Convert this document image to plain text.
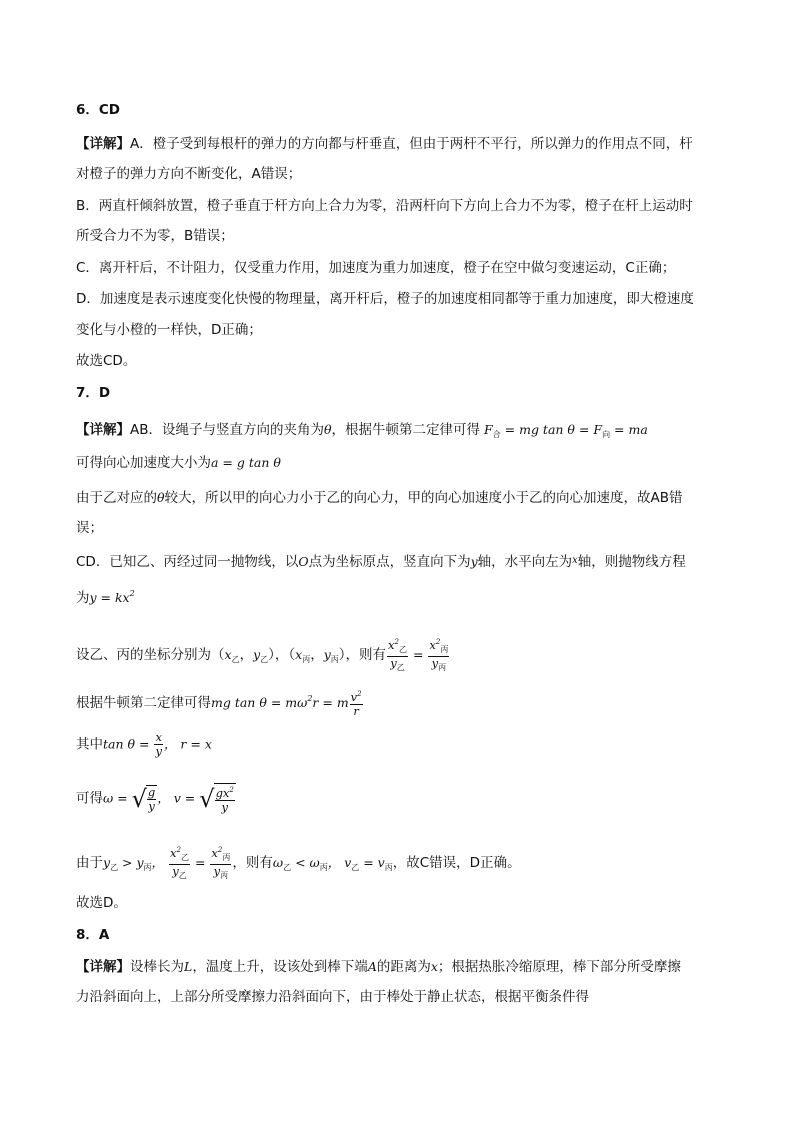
6．CD
【详解】A．橙子受到每根杆的弹力的方向都与杆垂直，但由于两杆不平行，所以弹力的作用点不同，杆
对橙子的弹力方向不断变化，A错误；
B．两直杆倾斜放置，橙子垂直于杆方向上合力为零，沿两杆向下方向上合力不为零，橙子在杆上运动时
所受合力不为零，B错误；
C．离开杆后，不计阻力，仅受重力作用，加速度为重力加速度，橙子在空中做匀变速运动，C正确；
D．加速度是表示速度变化快慢的物理量，离开杆后，橙子的加速度相同都等于重力加速度，即大橙速度
变化与小橙的一样快，D正确；
故选CD。
7．D
【详解】AB．设绳子与竖直方向的夹角为θ，根据牛顿第二定律可得 $F_合$ = mg $\tan \theta = F_向$ = ma
可得向心加速度大小为a = g tan θ
由于乙对应的θ较大，所以甲的向心力小于乙的向心力，甲的向心加速度小于乙的向心加速度，故AB错
误；
CD．已知乙、丙经过同一抛物线，以O点为坐标原点，竖直向下为y轴，水平向左为$^x$轴，则抛物线方程
为$y = kx^2$
设乙、丙的坐标分别为（$x_乙$，$y_乙$），（$x_丙$，$y_丙$），则有 $\frac{x^2_乙}{y_乙} = \frac{x^2_丙}{y_丙}$
根据牛顿第二定律可得mg $\tan \theta = m\omega^2r = m \frac{v^2}{r}$
其中$\tan \theta = \frac{x}{y}$ ， r = x
可得ω = √ $\frac{g}{y}$ ， v = √ $\frac{gx^2}{y}$
由于$y_乙 > y_丙$， $\frac{x^2_乙}{y_乙} = \frac{x^2_丙}{y_丙}$ ，则有$\omega_乙 < \omega_丙$， $v_乙 = v_丙$，故C错误，D正确。
故选D。
8．A
【详解】设棒长为L，温度上升，设该处到棒下端A的距离为x；根据热胀冷缩原理，棒下部分所受摩擦
力沿斜面向上，上部分所受摩擦力沿斜面向下，由于棒处于静止状态，根据平衡条件得
